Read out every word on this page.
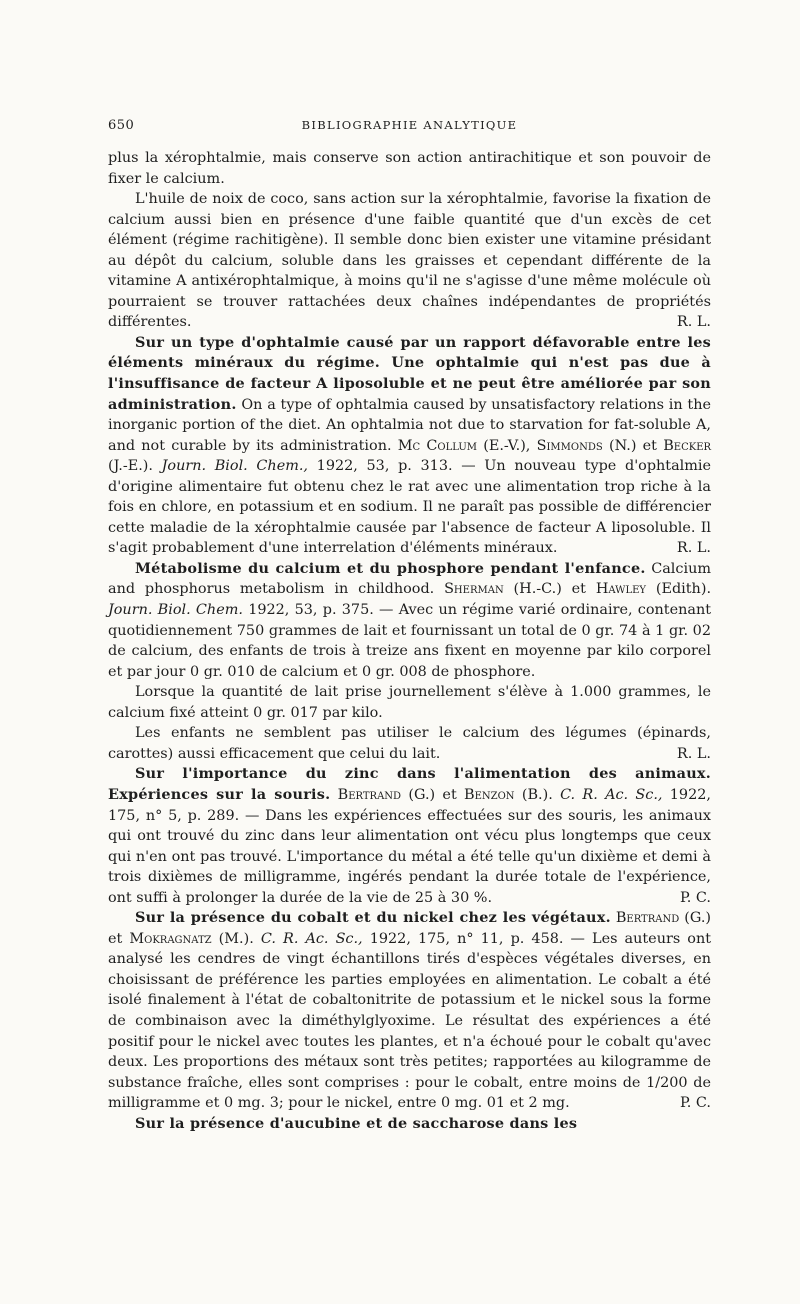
650	BIBLIOGRAPHIE ANALYTIQUE

plus la xérophtalmie, mais conserve son action antirachitique et son pouvoir de fixer le calcium.

L'huile de noix de coco, sans action sur la xérophtalmie, favorise la fixation de calcium aussi bien en présence d'une faible quantité que d'un excès de cet élément (régime rachitigène). Il semble donc bien exister une vitamine présidant au dépôt du calcium, soluble dans les graisses et cependant différente de la vitamine A antixérophtalmique, à moins qu'il ne s'agisse d'une même molécule où pourraient se trouver rattachées deux chaînes indépendantes de propriétés différentes.	R. L.

Sur un type d'ophtalmie causé par un rapport défavorable entre les éléments minéraux du régime. Une ophtalmie qui n'est pas due à l'insuffisance de facteur A liposoluble et ne peut être améliorée par son administration. On a type of ophtalmia caused by unsatisfactory relations in the inorganic portion of the diet. An ophtalmia not due to starvation for fat-soluble A, and not curable by its administration. Mc Collum (E.-V.), Simmonds (N.) et Becker (J.-E.). Journ. Biol. Chem., 1922, 53, p. 313. — Un nouveau type d'ophtalmie d'origine alimentaire fut obtenu chez le rat avec une alimentation trop riche à la fois en chlore, en potassium et en sodium. Il ne paraît pas possible de différencier cette maladie de la xérophtalmie causée par l'absence de facteur A liposoluble. Il s'agit probablement d'une interrelation d'éléments minéraux.	R. L.

Métabolisme du calcium et du phosphore pendant l'enfance. Calcium and phosphorus metabolism in childhood. Sherman (H.-C.) et Hawley (Edith). Journ. Biol. Chem. 1922, 53, p. 375. — Avec un régime varié ordinaire, contenant quotidiennement 750 grammes de lait et fournissant un total de 0 gr. 74 à 1 gr. 02 de calcium, des enfants de trois à treize ans fixent en moyenne par kilo corporel et par jour 0 gr. 010 de calcium et 0 gr. 008 de phosphore.

Lorsque la quantité de lait prise journellement s'élève à 1.000 grammes, le calcium fixé atteint 0 gr. 017 par kilo.

Les enfants ne semblent pas utiliser le calcium des légumes (épinards, carottes) aussi efficacement que celui du lait.	R. L.

Sur l'importance du zinc dans l'alimentation des animaux. Expériences sur la souris. Bertrand (G.) et Benzon (B.). C. R. Ac. Sc., 1922, 175, n° 5, p. 289. — Dans les expériences effectuées sur des souris, les animaux qui ont trouvé du zinc dans leur alimentation ont vécu plus longtemps que ceux qui n'en ont pas trouvé. L'importance du métal a été telle qu'un dixième et demi à trois dixièmes de milligramme, ingérés pendant la durée totale de l'expérience, ont suffi à prolonger la durée de la vie de 25 à 30 %.	P. C.

Sur la présence du cobalt et du nickel chez les végétaux. Bertrand (G.) et Mokragnatz (M.). C. R. Ac. Sc., 1922, 175, n° 11, p. 458. — Les auteurs ont analysé les cendres de vingt échantillons tirés d'espèces végétales diverses, en choisissant de préférence les parties employées en alimentation. Le cobalt a été isolé finalement à l'état de cobaltonitrite de potassium et le nickel sous la forme de combinaison avec la diméthylglyoxime. Le résultat des expériences a été positif pour le nickel avec toutes les plantes, et n'a échoué pour le cobalt qu'avec deux. Les proportions des métaux sont très petites; rapportées au kilogramme de substance fraîche, elles sont comprises : pour le cobalt, entre moins de 1/200 de milligramme et 0 mg. 3; pour le nickel, entre 0 mg. 01 et 2 mg.	P. C.

Sur la présence d'aucubine et de saccharose dans les
